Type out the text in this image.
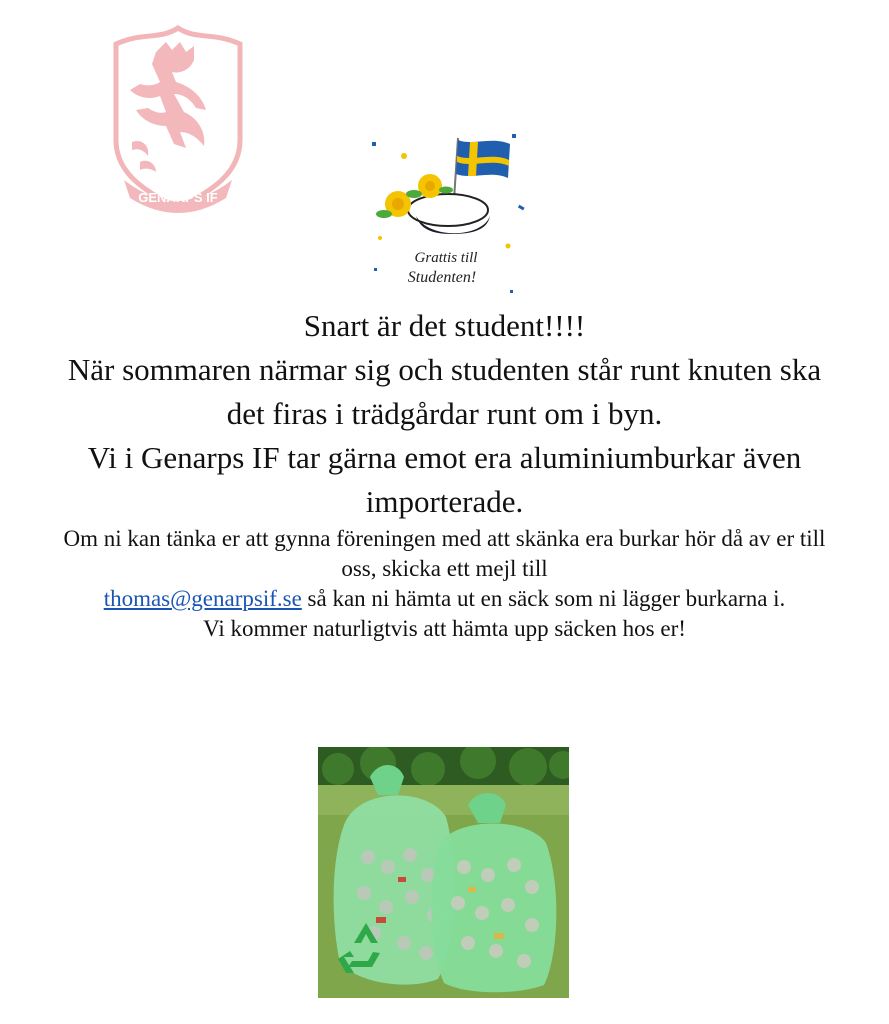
GENARPS IF
Grattis till
Studenten!

Snart är det student!!!!

När sommaren närmar sig och studenten står runt knuten ska det firas i trädgårdar runt om i byn.

Vi i Genarps IF tar gärna emot era aluminiumburkar även importerade.

Om ni kan tänka er att gynna föreningen med att skänka era burkar hör då av er till oss, skicka ett mejl till
thomas@genarpsif.se så kan ni hämta ut en säck som ni lägger burkarna i.

Vi kommer naturligtvis att hämta upp säcken hos er!
